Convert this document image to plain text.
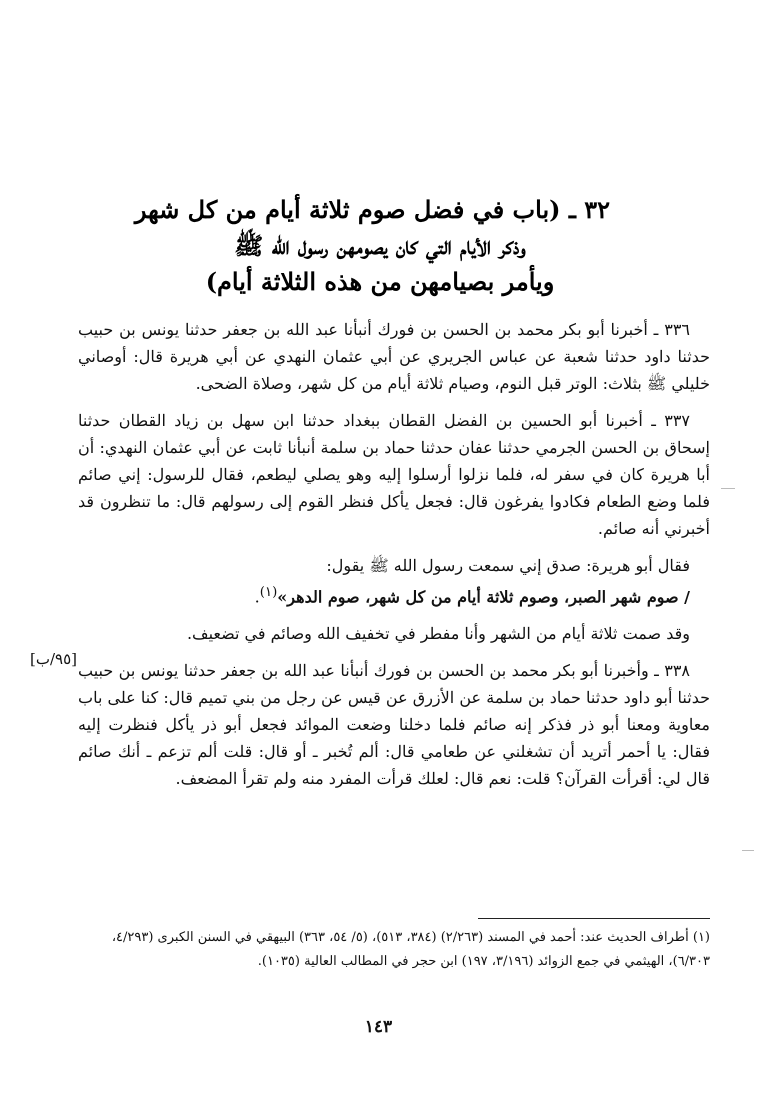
٣٢ ـ (باب في فضل صوم ثلاثة أيام من كل شهر
وذكر الأيام التي كان يصومهن رسول الله ﷺ
ويأمر بصيامهن من هذه الثلاثة أيام)

٣٣٦ ـ أخبرنا أبو بكر محمد بن الحسن بن فورك أنبأنا عبد الله بن جعفر حدثنا يونس بن حبيب حدثنا داود حدثنا شعبة عن عباس الجريري عن أبي عثمان النهدي عن أبي هريرة قال: أوصاني خليلي ﷺ بثلاث: الوتر قبل النوم، وصيام ثلاثة أيام من كل شهر، وصلاة الضحى.

٣٣٧ ـ أخبرنا أبو الحسين بن الفضل القطان ببغداد حدثنا ابن سهل بن زياد القطان حدثنا إسحاق بن الحسن الجرمي حدثنا عفان حدثنا حماد بن سلمة أنبأنا ثابت عن أبي عثمان النهدي: أن أبا هريرة كان في سفر له، فلما نزلوا أرسلوا إليه وهو يصلي ليطعم، فقال للرسول: إني صائم فلما وضع الطعام فكادوا يفرغون قال: فجعل يأكل فنظر القوم إلى رسولهم قال: ما تنظرون قد أخبرني أنه صائم.

فقال أبو هريرة: صدق إني سمعت رسول الله ﷺ يقول:

/ صوم شهر الصبر، وصوم ثلاثة أيام من كل شهر، صوم الدهر»$^{(١)}$.

وقد صمت ثلاثة أيام من الشهر وأنا مفطر في تخفيف الله وصائم في تضعيف.

٣٣٨ ـ وأخبرنا أبو بكر محمد بن الحسن بن فورك أنبأنا عبد الله بن جعفر حدثنا يونس بن حبيب حدثنا أبو داود حدثنا حماد بن سلمة عن الأزرق عن قيس عن رجل من بني تميم قال: كنا على باب معاوية ومعنا أبو ذر فذكر إنه صائم فلما دخلنا وضعت الموائد فجعل أبو ذر يأكل فنظرت إليه فقال: يا أحمر أتريد أن تشغلني عن طعامي قال: ألم تُخبر ـ أو قال: قلت ألم تزعم ـ أنك صائم قال لي: أقرأت القرآن؟ قلت: نعم قال: لعلك قرأت المفرد منه ولم تقرأ المضعف.

[٩٥/ب]
(١) أطراف الحديث عند: أحمد في المسند (٢/٢٦٣) (٣٨٤، ٥١٣)، (٥/ ٥٤، ٣٦٣) البيهقي في السنن الكبرى (٤/٢٩٣، ٦/٣٠٣)، الهيثمي في جمع الزوائد (٣/١٩٦، ١٩٧) ابن حجر في المطالب العالية (١٠٣٥).
١٤٣
